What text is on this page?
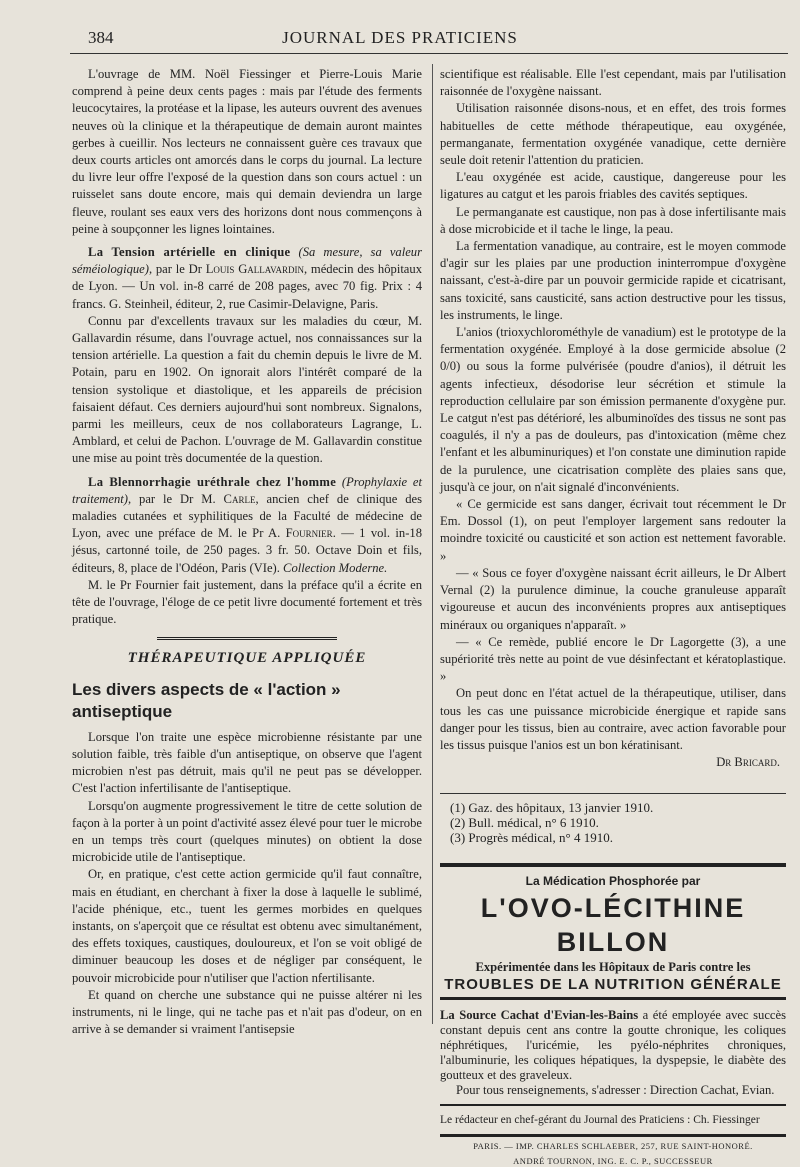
384	JOURNAL DES PRATICIENS

L'ouvrage de MM. Noël Fiessinger et Pierre-Louis Marie comprend à peine deux cents pages : mais par l'étude des ferments leucocytaires, la protéase et la lipase, les auteurs ouvrent des avenues neuves où la clinique et la thérapeutique de demain auront maintes gerbes à cueillir. Nos lecteurs ne connaissent guère ces travaux que deux courts articles ont amorcés dans le corps du journal. La lecture du livre leur offre l'exposé de la question dans son cours actuel : un ruisselet sans doute encore, mais qui demain deviendra un large fleuve, roulant ses eaux vers des horizons dont nous commençons à peine à soupçonner les lignes lointaines.

La Tension artérielle en clinique (Sa mesure, sa valeur séméiologique), par le Dr Louis Gallavardin, médecin des hôpitaux de Lyon. — Un vol. in-8 carré de 208 pages, avec 70 fig. Prix : 4 francs. G. Steinheil, éditeur, 2, rue Casimir-Delavigne, Paris.

Connu par d'excellents travaux sur les maladies du cœur, M. Gallavardin résume, dans l'ouvrage actuel, nos connaissances sur la tension artérielle. La question a fait du chemin depuis le livre de M. Potain, paru en 1902. On ignorait alors l'intérêt comparé de la tension systolique et diastolique, et les appareils de précision faisaient défaut. Ces derniers aujourd'hui sont nombreux. Signalons, parmi les meilleurs, ceux de nos collaborateurs Lagrange, L. Amblard, et celui de Pachon. L'ouvrage de M. Gallavardin constitue une mise au point très documentée de la question.

La Blennorrhagie uréthrale chez l'homme (Prophylaxie et traitement), par le Dr M. Carle, ancien chef de clinique des maladies cutanées et syphilitiques de la Faculté de médecine de Lyon, avec une préface de M. le Pr A. Fournier. — 1 vol. in-18 jésus, cartonné toile, de 250 pages. 3 fr. 50. Octave Doin et fils, éditeurs, 8, place de l'Odéon, Paris (VIe). Collection Moderne.

M. le Pr Fournier fait justement, dans la préface qu'il a écrite en tête de l'ouvrage, l'éloge de ce petit livre documenté fortement et très pratique.

THÉRAPEUTIQUE APPLIQUÉE
Les divers aspects de « l'action » antiseptique

Lorsque l'on traite une espèce microbienne résistante par une solution faible, très faible d'un antiseptique, on observe que l'agent microbien n'est pas détruit, mais qu'il ne peut pas se développer. C'est l'action infertilisante de l'antiseptique.

Lorsqu'on augmente progressivement le titre de cette solution de façon à la porter à un point d'activité assez élevé pour tuer le microbe en un temps très court (quelques minutes) on obtient la dose microbicide utile de l'antiseptique.

Or, en pratique, c'est cette action germicide qu'il faut connaître, mais en étudiant, en cherchant à fixer la dose à laquelle le sublimé, l'acide phénique, etc., tuent les germes morbides en quelques instants, on s'aperçoit que ce résultat est obtenu avec simultanément, des effets toxiques, caustiques, douloureux, et l'on se voit obligé de diminuer beaucoup les doses et de négliger par conséquent, le pouvoir microbicide pour n'utiliser que l'action nfertilisante.

Et quand on cherche une substance qui ne puisse altérer ni les instruments, ni le linge, qui ne tache pas et n'ait pas d'odeur, on en arrive à se demander si vraiment l'antisepsie

scientifique est réalisable. Elle l'est cependant, mais par l'utilisation raisonnée de l'oxygène naissant.

Utilisation raisonnée disons-nous, et en effet, des trois formes habituelles de cette méthode thérapeutique, eau oxygénée, permanganate, fermentation oxygénée vanadique, cette dernière seule doit retenir l'attention du praticien.

L'eau oxygénée est acide, caustique, dangereuse pour les ligatures au catgut et les parois friables des cavités septiques.

Le permanganate est caustique, non pas à dose infertilisante mais à dose microbicide et il tache le linge, la peau.

La fermentation vanadique, au contraire, est le moyen commode d'agir sur les plaies par une production ininterrompue d'oxygène naissant, c'est-à-dire par un pouvoir germicide rapide et cicatrisant, sans toxicité, sans causticité, sans action destructive pour les tissus, les instruments, le linge.

L'anios (trioxychlorométhyle de vanadium) est le prototype de la fermentation oxygénée. Employé à la dose germicide absolue (2 0/0) ou sous la forme pulvérisée (poudre d'anios), il détruit les agents infectieux, désodorise leur sécrétion et stimule la reproduction cellulaire par son émission permanente d'oxygène pur. Le catgut n'est pas détérioré, les albuminoïdes des tissus ne sont pas coagulés, il n'y a pas de douleurs, pas d'intoxication (même chez l'enfant et les albuminuriques) et l'on constate une diminution rapide de la purulence, une cicatrisation complète des plaies sans que, jusqu'à ce jour, on n'ait signalé d'inconvénients.

« Ce germicide est sans danger, écrivait tout récemment le Dr Em. Dossol (1), on peut l'employer largement sans redouter la moindre toxicité ou causticité et son action est nettement favorable. »

— « Sous ce foyer d'oxygène naissant écrit ailleurs, le Dr Albert Vernal (2) la purulence diminue, la couche granuleuse apparaît vigoureuse et aucun des inconvénients propres aux antiseptiques minéraux ou organiques n'apparaît. »

— « Ce remède, publié encore le Dr Lagorgette (3), a une supériorité très nette au point de vue désinfectant et kératoplastique. »

On peut donc en l'état actuel de la thérapeutique, utiliser, dans tous les cas une puissance microbicide énergique et rapide sans danger pour les tissus, bien au contraire, avec action favorable pour les tissus puisque l'anios est un bon kératinisant.

Dr Bricard.
(1) Gaz. des hôpitaux, 13 janvier 1910.
(2) Bull. médical, n° 6 1910.
(3) Progrès médical, n° 4 1910.
La Médication Phosphorée par
L'OVO-LÉCITHINE BILLON
Expérimentée dans les Hôpitaux de Paris contre les
TROUBLES DE LA NUTRITION GÉNÉRALE

La Source Cachat d'Evian-les-Bains a été employée avec succès constant depuis cent ans contre la goutte chronique, les coliques néphrétiques, l'uricémie, les pyélo-néphrites chroniques, l'albuminurie, les coliques hépatiques, la dyspepsie, le diabète des goutteux et des graveleux.

Pour tous renseignements, s'adresser : Direction Cachat, Evian.

Le rédacteur en chef-gérant du Journal des Praticiens : Ch. Fiessinger
PARIS. — IMP. CHARLES SCHLAEBER, 257, RUE SAINT-HONORÉ.
ANDRÉ TOURNON, ING. E. C. P., SUCCESSEUR
